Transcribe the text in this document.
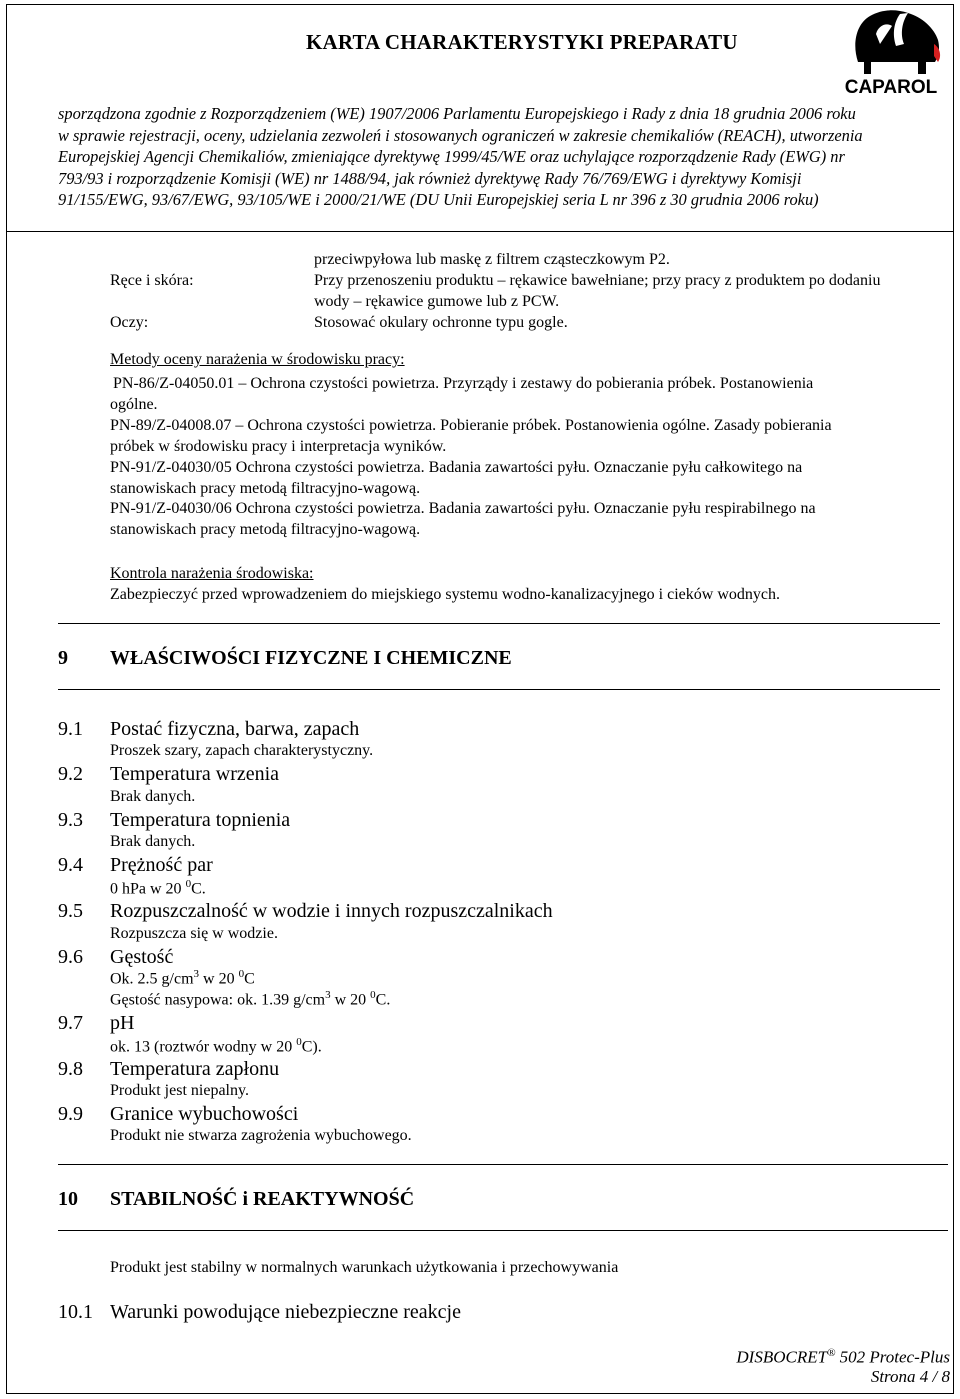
KARTA CHARAKTERYSTYKI PREPARATU
CAPAROL
sporządzona zgodnie z Rozporządzeniem (WE) 1907/2006 Parlamentu Europejskiego i Rady z dnia 18 grudnia 2006 roku
w sprawie rejestracji, oceny, udzielania zezwoleń i stosowanych ograniczeń w zakresie chemikaliów (REACH), utworzenia
Europejskiej Agencji Chemikaliów, zmieniające dyrektywę 1999/45/WE oraz uchylające rozporządzenie Rady (EWG) nr
793/93 i rozporządzenie Komisji (WE) nr 1488/94, jak również dyrektywę Rady 76/769/EWG i dyrektywy Komisji
91/155/EWG, 93/67/EWG, 93/105/WE i 2000/21/WE (DU Unii Europejskiej seria L nr 396 z 30 grudnia 2006 roku)
przeciwpyłowa lub maskę z filtrem cząsteczkowym P2.
Ręce i skóra:	Przy przenoszeniu produktu – rękawice bawełniane; przy pracy z produktem po dodaniu
wody – rękawice gumowe lub z PCW.
Oczy:	Stosować okulary ochronne typu gogle.
Metody oceny narażenia w środowisku pracy:
PN-86/Z-04050.01 – Ochrona czystości powietrza. Przyrządy i zestawy do pobierania próbek. Postanowienia
ogólne.
PN-89/Z-04008.07 – Ochrona czystości powietrza. Pobieranie próbek. Postanowienia ogólne. Zasady pobierania
próbek w środowisku pracy i interpretacja wyników.
PN-91/Z-04030/05 Ochrona czystości powietrza. Badania zawartości pyłu. Oznaczanie pyłu całkowitego na
stanowiskach pracy metodą filtracyjno-wagową.
PN-91/Z-04030/06 Ochrona czystości powietrza. Badania zawartości pyłu. Oznaczanie pyłu respirabilnego na
stanowiskach pracy metodą filtracyjno-wagową.
Kontrola narażenia środowiska:
Zabezpieczyć przed wprowadzeniem do miejskiego systemu wodno-kanalizacyjnego i cieków wodnych.
9 WŁAŚCIWOŚCI FIZYCZNE I CHEMICZNE
9.1 Postać fizyczna, barwa, zapach
Proszek szary, zapach charakterystyczny.
9.2 Temperatura wrzenia
Brak danych.
9.3 Temperatura topnienia
Brak danych.
9.4 Prężność par
0 hPa w 20 $^0$C.
9.5 Rozpuszczalność w wodzie i innych rozpuszczalnikach
Rozpuszcza się w wodzie.
9.6 Gęstość
Ok. 2.5 $g/cm^3$ w 20 $^0$C
Gęstość nasypowa: ok. 1.39 $g/cm^3$ w 20 $^0$C.
9.7 pH
ok. 13 (roztwór wodny w 20 $^0$C).
9.8 Temperatura zapłonu
Produkt jest niepalny.
9.9 Granice wybuchowości
Produkt nie stwarza zagrożenia wybuchowego.
10 STABILNOŚĆ i REAKTYWNOŚĆ
Produkt jest stabilny w normalnych warunkach użytkowania i przechowywania
10.1 Warunki powodujące niebezpieczne reakcje
DISBOCRET® 502 Protec-Plus
Strona 4 / 8
